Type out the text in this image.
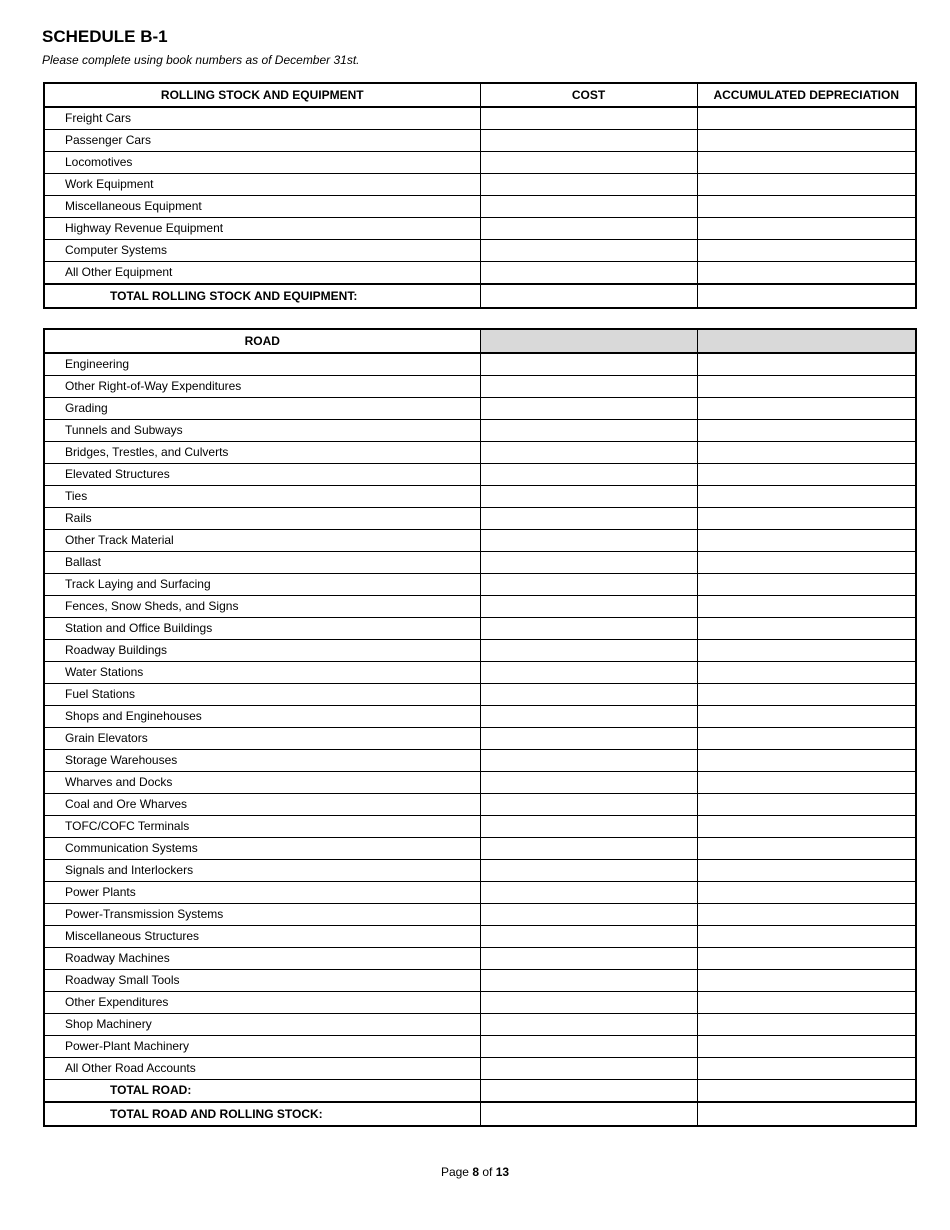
SCHEDULE B-1

Please complete using book numbers as of December 31st.

ROLLING STOCK AND EQUIPMENT	COST	ACCUMULATED DEPRECIATION
Freight Cars		
Passenger Cars		
Locomotives		
Work Equipment		
Miscellaneous Equipment		
Highway Revenue Equipment		
Computer Systems		
All Other Equipment		
TOTAL ROLLING STOCK AND EQUIPMENT:		
ROAD		
Engineering		
Other Right-of-Way Expenditures		
Grading		
Tunnels and Subways		
Bridges, Trestles, and Culverts		
Elevated Structures		
Ties		
Rails		
Other Track Material		
Ballast		
Track Laying and Surfacing		
Fences, Snow Sheds, and Signs		
Station and Office Buildings		
Roadway Buildings		
Water Stations		
Fuel Stations		
Shops and Enginehouses		
Grain Elevators		
Storage Warehouses		
Wharves and Docks		
Coal and Ore Wharves		
TOFC/COFC Terminals		
Communication Systems		
Signals and Interlockers		
Power Plants		
Power-Transmission Systems		
Miscellaneous Structures		
Roadway Machines		
Roadway Small Tools		
Other Expenditures		
Shop Machinery		
Power-Plant Machinery		
All Other Road Accounts		
TOTAL ROAD:		
TOTAL ROAD AND ROLLING STOCK:		
Page 8 of 13
